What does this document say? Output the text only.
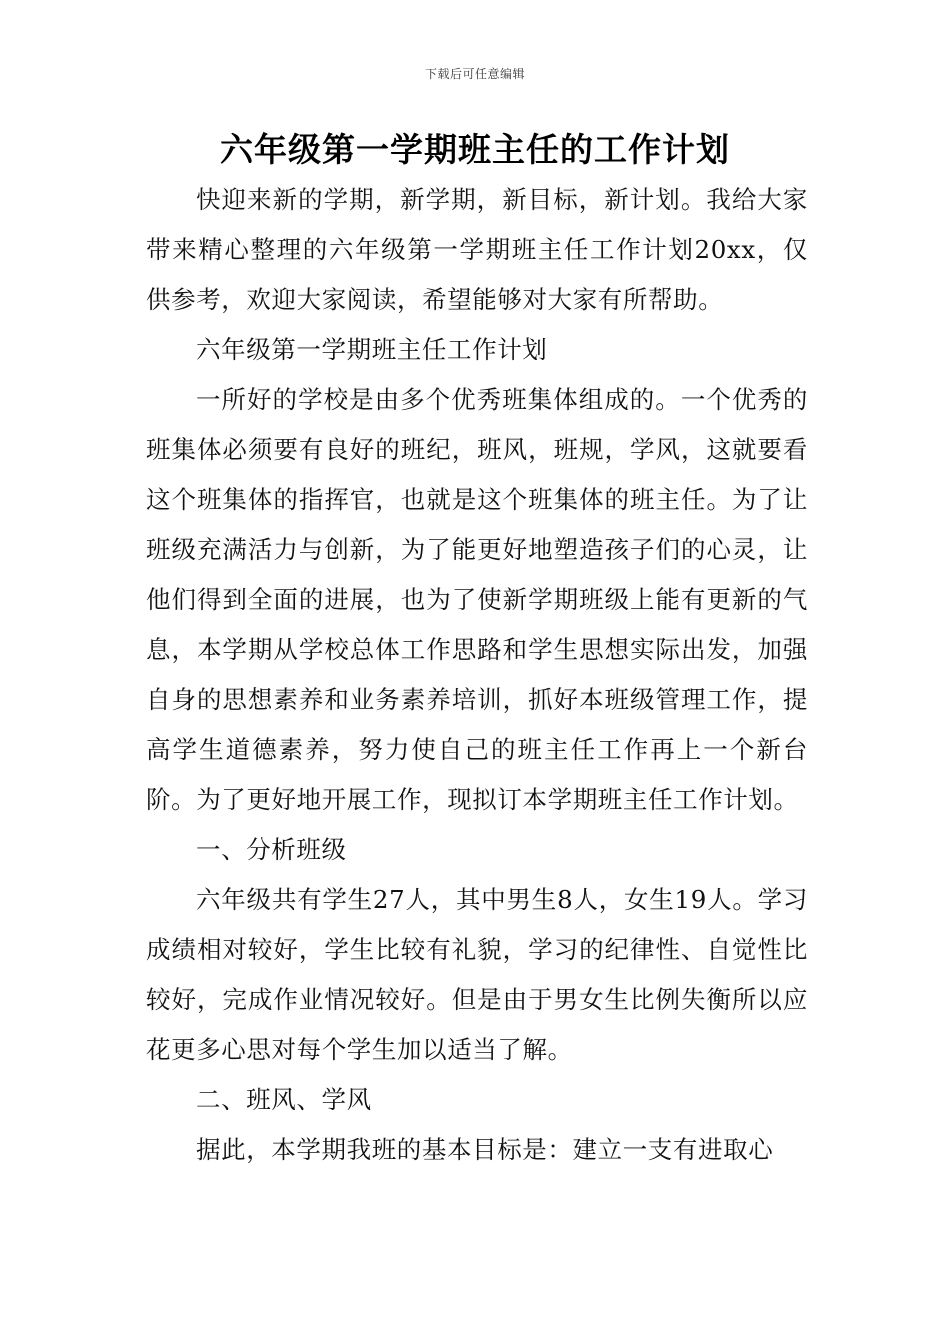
下载后可任意编辑
六年级第一学期班主任的工作计划

快迎来新的学期，新学期，新目标，新计划。我给大家带来精心整理的六年级第一学期班主任工作计划20xx，仅供参考，欢迎大家阅读，希望能够对大家有所帮助。

六年级第一学期班主任工作计划

一所好的学校是由多个优秀班集体组成的。一个优秀的班集体必须要有良好的班纪，班风，班规，学风，这就要看这个班集体的指挥官，也就是这个班集体的班主任。为了让班级充满活力与创新，为了能更好地塑造孩子们的心灵，让他们得到全面的进展，也为了使新学期班级上能有更新的气息，本学期从学校总体工作思路和学生思想实际出发，加强自身的思想素养和业务素养培训，抓好本班级管理工作，提高学生道德素养，努力使自己的班主任工作再上一个新台阶。为了更好地开展工作，现拟订本学期班主任工作计划。

一、分析班级

六年级共有学生27人，其中男生8人，女生19人。学习成绩相对较好，学生比较有礼貌，学习的纪律性、自觉性比较好，完成作业情况较好。但是由于男女生比例失衡所以应花更多心思对每个学生加以适当了解。

二、班风、学风

据此，本学期我班的基本目标是：建立一支有进取心
